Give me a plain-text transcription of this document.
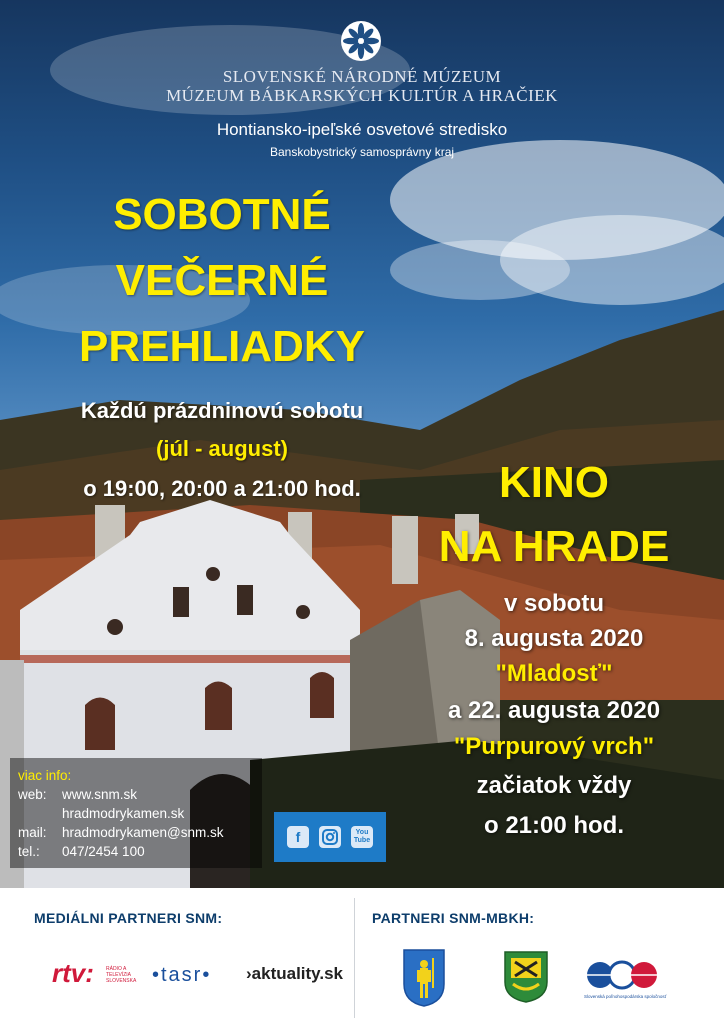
SLOVENSKÉ NÁRODNÉ MÚZEUM
MÚZEUM BÁBKARSKÝCH KULTÚR A HRAČIEK
Hontiansko-ipeľské osvetové stredisko
Banskobystrický samosprávny kraj
SOBOTNÉ
VEČERNÉ
PREHLIADKY
Každú prázdninovú sobotu
(júl - august)
o 19:00, 20:00 a 21:00 hod.	KINO
NA HRADE
v sobotu
8. augusta 2020
"Mladosť"
a 22. augusta 2020
"Purpurový vrch"
začiatok vždy
o 21:00 hod.
viac info:
web: www.snm.sk
hradmodrykamen.sk
mail: hradmodrykamen@snm.sk
tel.: 047/2454 100
f	You Tube
MEDIÁLNI PARTNERI SNM:	PARTNERI SNM-MBKH:
rtv: RÁDIO A TELEVÍZIA SLOVENSKA •tasr• ›aktuality.sk
Slovenská poľnohospodárska spoločnosť
